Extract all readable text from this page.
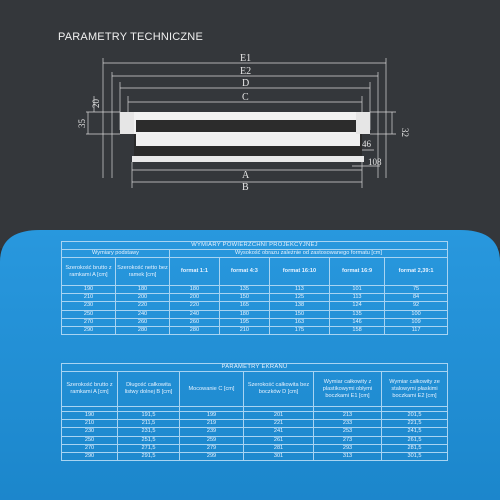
PARAMETRY TECHNICZNE
E1
E2
D
C
A
B
20
35
32
46
108
WYMIARY POWIERZCHNI PROJEKCYJNEJ						
Wymiary podstawy		Wysokość obrazu zależnie od zastosowanego formatu [cm]				
Szerokość brutto z ramkami A [cm]	Szerokość netto bez ramek [cm]	format 1:1	format 4:3	format 16:10	format 16:9	format 2,39:1
190	180	180	135	113	101	75
210	200	200	150	125	113	84
230	220	220	165	138	124	92
250	240	240	180	150	135	100
270	260	260	195	163	146	109
290	280	280	210	175	158	117
PARAMETRY EKRANU					
Szerokość brutto z ramkami A [cm]	Długość całkowita listwy dolnej B [cm]	Mocowanie C [cm]	Szerokość całkowita bez boczków D [cm]	Wymiar całkowity z plastikowymi obłymi boczkami E1 [cm]	Wymiar całkowity ze stalowymi płaskimi boczkami E2 [cm]

190	191,5	199	201	213	201,5
210	211,5	219	221	233	221,5
230	231,5	239	241	253	241,5
250	251,5	259	261	273	261,5
270	271,5	279	281	293	281,5
290	291,5	299	301	313	301,5
